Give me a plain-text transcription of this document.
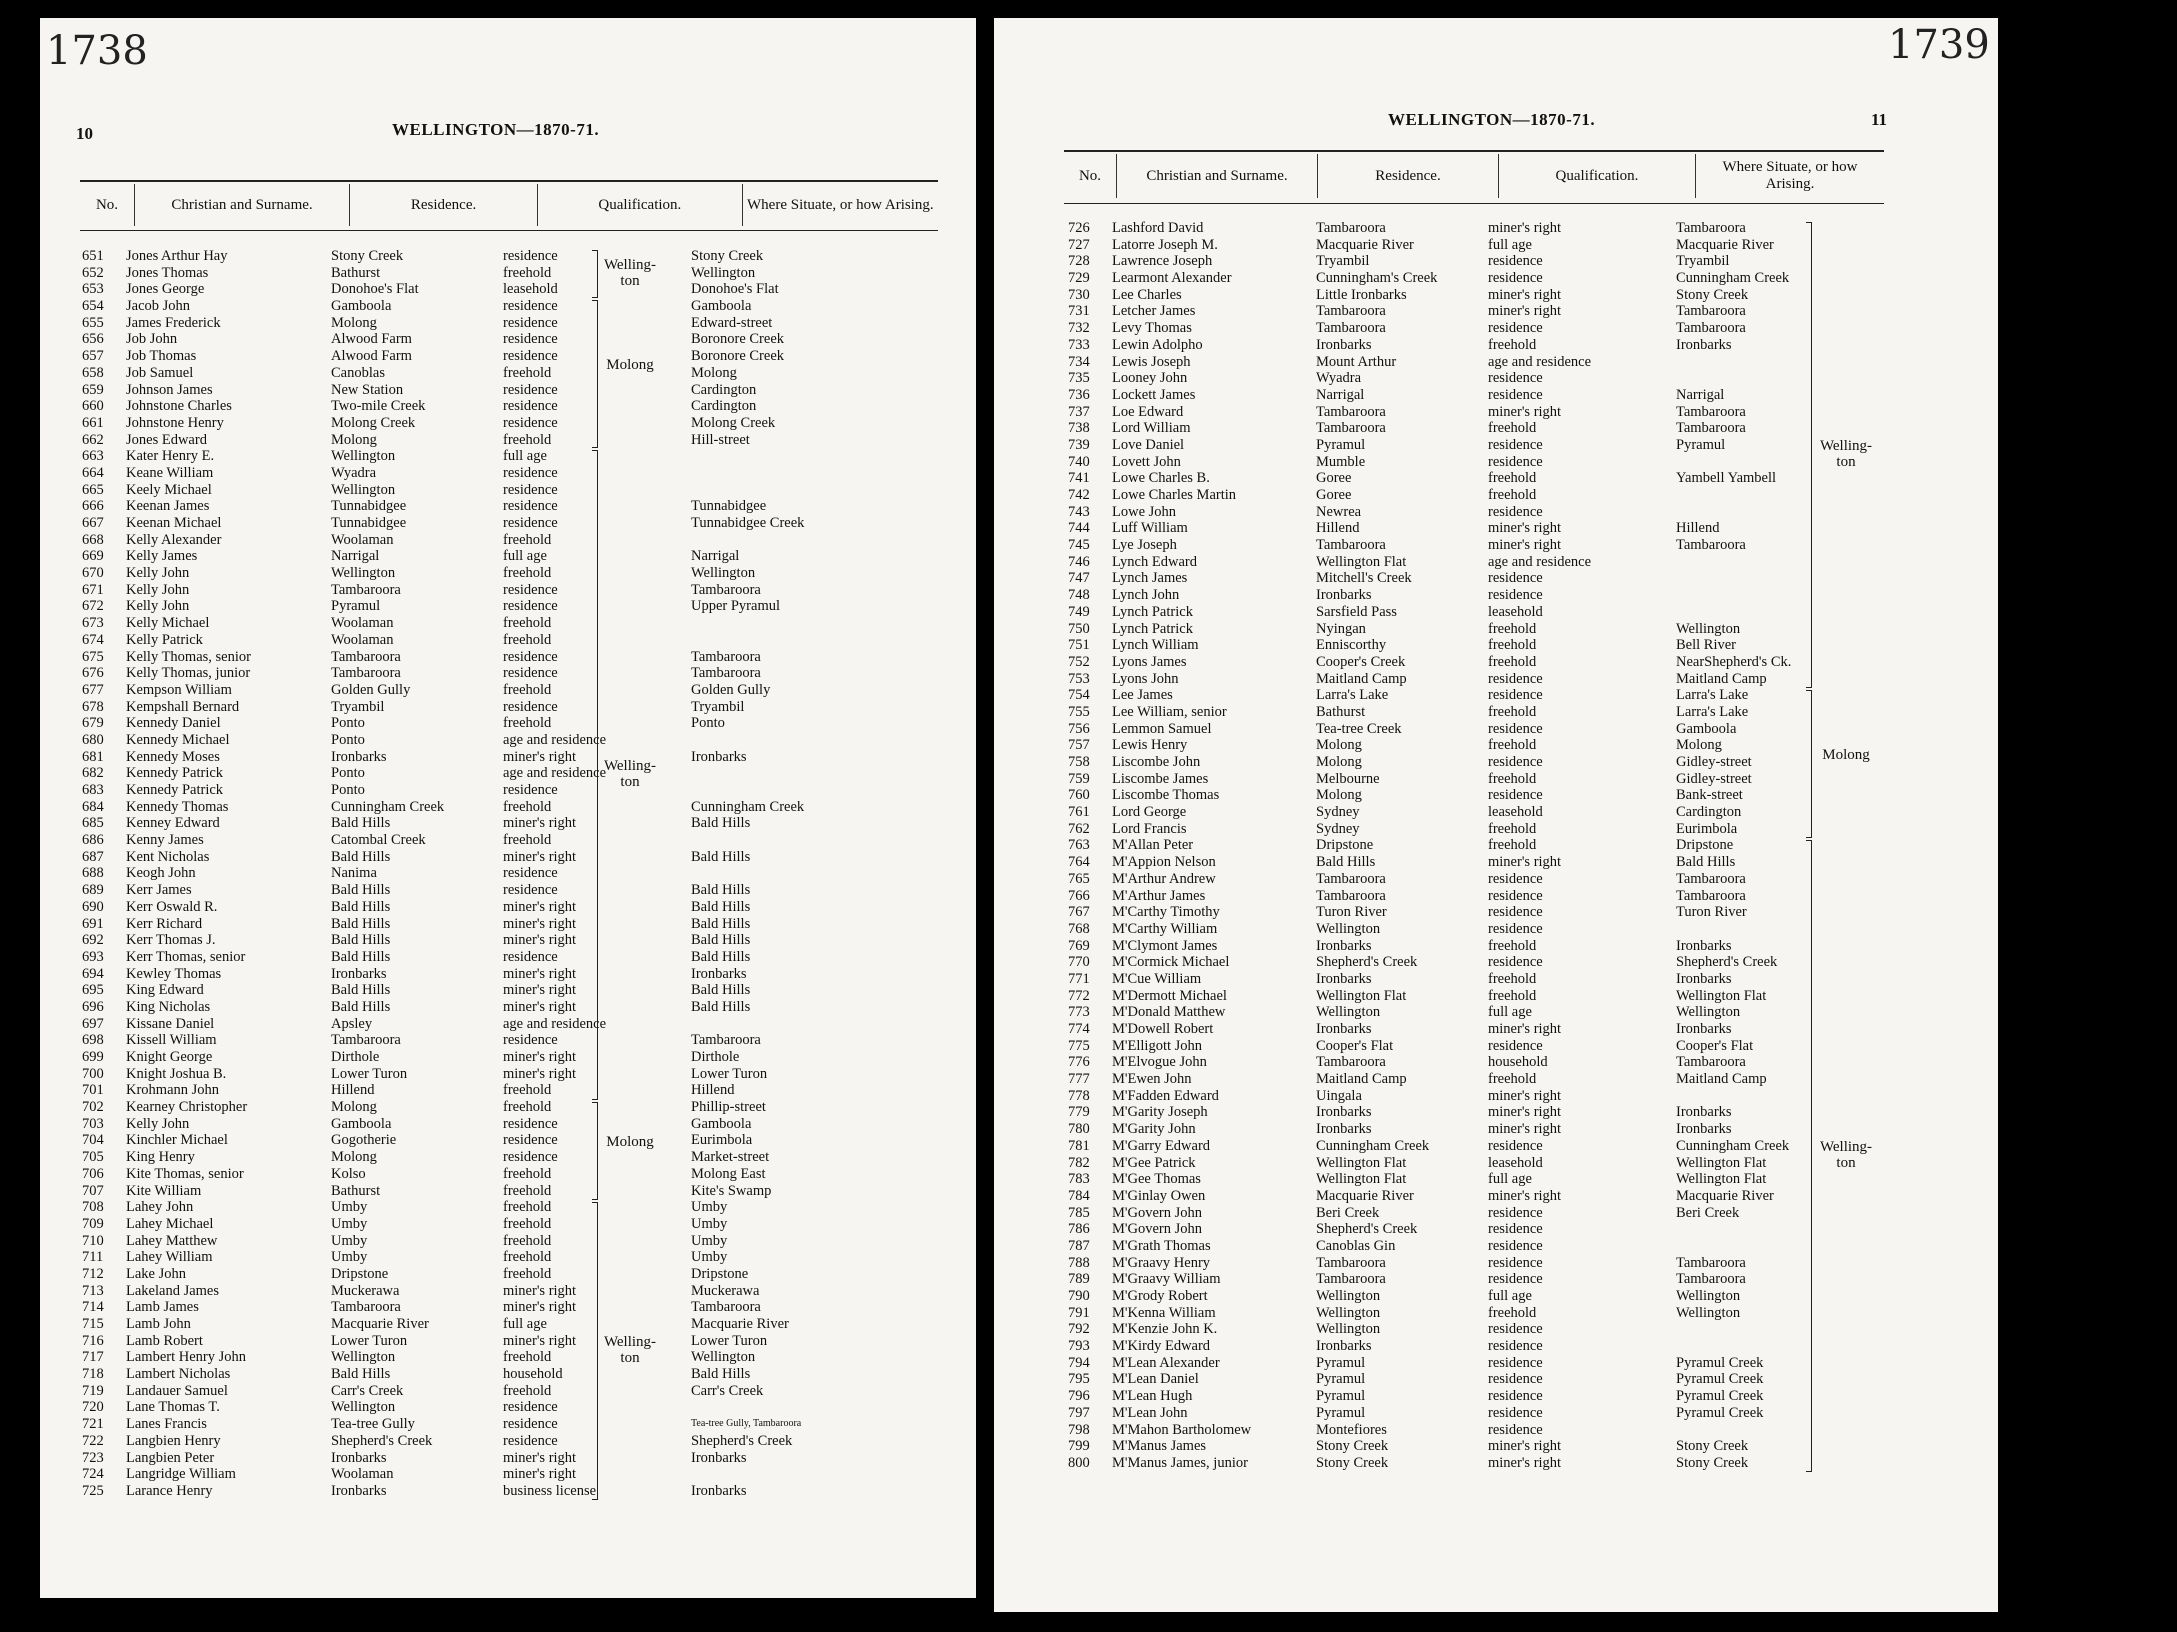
1738
10	WELLINGTON—1870-71.
No.	Christian and Surname.	Residence.	Qualification.	Where Situate, or how Arising.
651	Jones Arthur Hay	Stony Creek	residence	Stony Creek
652	Jones Thomas	Bathurst	freehold	Wellington
653	Jones George	Donohoe's Flat	leasehold	Donohoe's Flat
654	Jacob John	Gamboola	residence	Gamboola
655	James Frederick	Molong	residence	Edward-street
656	Job John	Alwood Farm	residence	Boronore Creek
657	Job Thomas	Alwood Farm	residence	Boronore Creek
658	Job Samuel	Canoblas	freehold	Molong
659	Johnson James	New Station	residence	Cardington
660	Johnstone Charles	Two-mile Creek	residence	Cardington
661	Johnstone Henry	Molong Creek	residence	Molong Creek
662	Jones Edward	Molong	freehold	Hill-street
663	Kater Henry E.	Wellington	full age
664	Keane William	Wyadra	residence
665	Keely Michael	Wellington	residence
666	Keenan James	Tunnabidgee	residence	Tunnabidgee
667	Keenan Michael	Tunnabidgee	residence	Tunnabidgee Creek
668	Kelly Alexander	Woolaman	freehold
669	Kelly James	Narrigal	full age	Narrigal
670	Kelly John	Wellington	freehold	Wellington
671	Kelly John	Tambaroora	residence	Tambaroora
672	Kelly John	Pyramul	residence	Upper Pyramul
673	Kelly Michael	Woolaman	freehold
674	Kelly Patrick	Woolaman	freehold
675	Kelly Thomas, senior	Tambaroora	residence	Tambaroora
676	Kelly Thomas, junior	Tambaroora	residence	Tambaroora
677	Kempson William	Golden Gully	freehold	Golden Gully
678	Kempshall Bernard	Tryambil	residence	Tryambil
679	Kennedy Daniel	Ponto	freehold	Ponto
680	Kennedy Michael	Ponto	age and residence
681	Kennedy Moses	Ironbarks	miner's right	Ironbarks
682	Kennedy Patrick	Ponto	age and residence
683	Kennedy Patrick	Ponto	residence
684	Kennedy Thomas	Cunningham Creek	freehold	Cunningham Creek
685	Kenney Edward	Bald Hills	miner's right	Bald Hills
686	Kenny James	Catombal Creek	freehold
687	Kent Nicholas	Bald Hills	miner's right	Bald Hills
688	Keogh John	Nanima	residence
689	Kerr James	Bald Hills	residence	Bald Hills
690	Kerr Oswald R.	Bald Hills	miner's right	Bald Hills
691	Kerr Richard	Bald Hills	miner's right	Bald Hills
692	Kerr Thomas J.	Bald Hills	miner's right	Bald Hills
693	Kerr Thomas, senior	Bald Hills	residence	Bald Hills
694	Kewley Thomas	Ironbarks	miner's right	Ironbarks
695	King Edward	Bald Hills	miner's right	Bald Hills
696	King Nicholas	Bald Hills	miner's right	Bald Hills
697	Kissane Daniel	Apsley	age and residence
698	Kissell William	Tambaroora	residence	Tambaroora
699	Knight George	Dirthole	miner's right	Dirthole
700	Knight Joshua B.	Lower Turon	miner's right	Lower Turon
701	Krohmann John	Hillend	freehold	Hillend
702	Kearney Christopher	Molong	freehold	Phillip-street
703	Kelly John	Gamboola	residence	Gamboola
704	Kinchler Michael	Gogotherie	residence	Eurimbola
705	King Henry	Molong	residence	Market-street
706	Kite Thomas, senior	Kolso	freehold	Molong East
707	Kite William	Bathurst	freehold	Kite's Swamp
708	Lahey John	Umby	freehold	Umby
709	Lahey Michael	Umby	freehold	Umby
710	Lahey Matthew	Umby	freehold	Umby
711	Lahey William	Umby	freehold	Umby
712	Lake John	Dripstone	freehold	Dripstone
713	Lakeland James	Muckerawa	miner's right	Muckerawa
714	Lamb James	Tambaroora	miner's right	Tambaroora
715	Lamb John	Macquarie River	full age	Macquarie River
716	Lamb Robert	Lower Turon	miner's right	Lower Turon
717	Lambert Henry John	Wellington	freehold	Wellington
718	Lambert Nicholas	Bald Hills	household	Bald Hills
719	Landauer Samuel	Carr's Creek	freehold	Carr's Creek
720	Lane Thomas T.	Wellington	residence
721	Lanes Francis	Tea-tree Gully	residence	Tea-tree Gully, Tambaroora
722	Langbien Henry	Shepherd's Creek	residence	Shepherd's Creek
723	Langbien Peter	Ironbarks	miner's right	Ironbarks
724	Langridge William	Woolaman	miner's right
725	Larance Henry	Ironbarks	business license	Ironbarks
Welling-
ton
Molong
Welling-
ton
Molong
Welling-
ton
1739
11
WELLINGTON—1870-71.
No.	Christian and Surname.	Residence.	Qualification.	Where Situate, or how Arising.
726	Lashford David	Tambaroora	miner's right	Tambaroora
727	Latorre Joseph M.	Macquarie River	full age	Macquarie River
728	Lawrence Joseph	Tryambil	residence	Tryambil
729	Learmont Alexander	Cunningham's Creek	residence	Cunningham Creek
730	Lee Charles	Little Ironbarks	miner's right	Stony Creek
731	Letcher James	Tambaroora	miner's right	Tambaroora
732	Levy Thomas	Tambaroora	residence	Tambaroora
733	Lewin Adolpho	Ironbarks	freehold	Ironbarks
734	Lewis Joseph	Mount Arthur	age and residence
735	Looney John	Wyadra	residence
736	Lockett James	Narrigal	residence	Narrigal
737	Loe Edward	Tambaroora	miner's right	Tambaroora
738	Lord William	Tambaroora	freehold	Tambaroora
739	Love Daniel	Pyramul	residence	Pyramul
740	Lovett John	Mumble	residence
741	Lowe Charles B.	Goree	freehold	Yambell Yambell
742	Lowe Charles Martin	Goree	freehold
743	Lowe John	Newrea	residence
744	Luff William	Hillend	miner's right	Hillend
745	Lye Joseph	Tambaroora	miner's right	Tambaroora
746	Lynch Edward	Wellington Flat	age and residence
747	Lynch James	Mitchell's Creek	residence
748	Lynch John	Ironbarks	residence
749	Lynch Patrick	Sarsfield Pass	leasehold
750	Lynch Patrick	Nyingan	freehold	Wellington
751	Lynch William	Enniscorthy	freehold	Bell River
752	Lyons James	Cooper's Creek	freehold	NearShepherd's Ck.
753	Lyons John	Maitland Camp	residence	Maitland Camp
754	Lee James	Larra's Lake	residence	Larra's Lake
755	Lee William, senior	Bathurst	freehold	Larra's Lake
756	Lemmon Samuel	Tea-tree Creek	residence	Gamboola
757	Lewis Henry	Molong	freehold	Molong
758	Liscombe John	Molong	residence	Gidley-street
759	Liscombe James	Melbourne	freehold	Gidley-street
760	Liscombe Thomas	Molong	residence	Bank-street
761	Lord George	Sydney	leasehold	Cardington
762	Lord Francis	Sydney	freehold	Eurimbola
763	M'Allan Peter	Dripstone	freehold	Dripstone
764	M'Appion Nelson	Bald Hills	miner's right	Bald Hills
765	M'Arthur Andrew	Tambaroora	residence	Tambaroora
766	M'Arthur James	Tambaroora	residence	Tambaroora
767	M'Carthy Timothy	Turon River	residence	Turon River
768	M'Carthy William	Wellington	residence
769	M'Clymont James	Ironbarks	freehold	Ironbarks
770	M'Cormick Michael	Shepherd's Creek	residence	Shepherd's Creek
771	M'Cue William	Ironbarks	freehold	Ironbarks
772	M'Dermott Michael	Wellington Flat	freehold	Wellington Flat
773	M'Donald Matthew	Wellington	full age	Wellington
774	M'Dowell Robert	Ironbarks	miner's right	Ironbarks
775	M'Elligott John	Cooper's Flat	residence	Cooper's Flat
776	M'Elvogue John	Tambaroora	household	Tambaroora
777	M'Ewen John	Maitland Camp	freehold	Maitland Camp
778	M'Fadden Edward	Uingala	miner's right
779	M'Garity Joseph	Ironbarks	miner's right	Ironbarks
780	M'Garity John	Ironbarks	miner's right	Ironbarks
781	M'Garry Edward	Cunningham Creek	residence	Cunningham Creek
782	M'Gee Patrick	Wellington Flat	leasehold	Wellington Flat
783	M'Gee Thomas	Wellington Flat	full age	Wellington Flat
784	M'Ginlay Owen	Macquarie River	miner's right	Macquarie River
785	M'Govern John	Beri Creek	residence	Beri Creek
786	M'Govern John	Shepherd's Creek	residence
787	M'Grath Thomas	Canoblas Gin	residence
788	M'Graavy Henry	Tambaroora	residence	Tambaroora
789	M'Graavy William	Tambaroora	residence	Tambaroora
790	M'Grody Robert	Wellington	full age	Wellington
791	M'Kenna William	Wellington	freehold	Wellington
792	M'Kenzie John K.	Wellington	residence
793	M'Kirdy Edward	Ironbarks	residence
794	M'Lean Alexander	Pyramul	residence	Pyramul Creek
795	M'Lean Daniel	Pyramul	residence	Pyramul Creek
796	M'Lean Hugh	Pyramul	residence	Pyramul Creek
797	M'Lean John	Pyramul	residence	Pyramul Creek
798	M'Mahon Bartholomew	Montefiores	residence
799	M'Manus James	Stony Creek	miner's right	Stony Creek
800	M'Manus James, junior	Stony Creek	miner's right	Stony Creek
Welling-
ton
Molong
Welling-
ton
